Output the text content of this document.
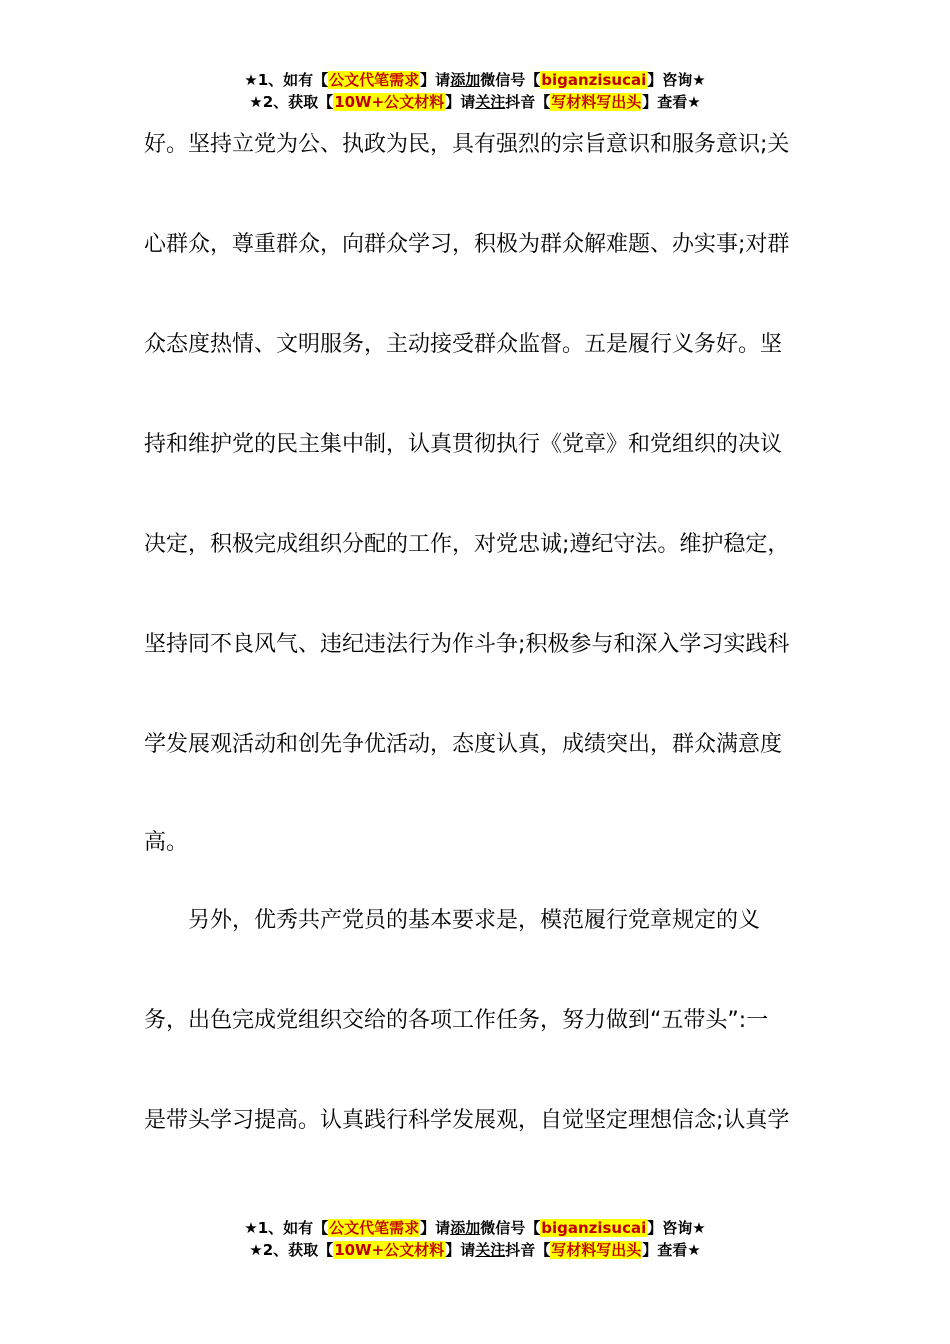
★1、如有【公文代笔需求】请添加微信号【biganzisucai】咨询★
★2、获取【10W+公文材料】请关注抖音【写材料写出头】查看★
好。坚持立党为公、执政为民，具有强烈的宗旨意识和服务意识;关
心群众，尊重群众，向群众学习，积极为群众解难题、办实事;对群
众态度热情、文明服务，主动接受群众监督。五是履行义务好。坚
持和维护党的民主集中制，认真贯彻执行《党章》和党组织的决议
决定，积极完成组织分配的工作，对党忠诚;遵纪守法。维护稳定，
坚持同不良风气、违纪违法行为作斗争;积极参与和深入学习实践科
学发展观活动和创先争优活动，态度认真，成绩突出，群众满意度
高。
　　另外，优秀共产党员的基本要求是，模范履行党章规定的义
务，出色完成党组织交给的各项工作任务，努力做到“五带头”:一
是带头学习提高。认真践行科学发展观，自觉坚定理想信念;认真学
★1、如有【公文代笔需求】请添加微信号【biganzisucai】咨询★
★2、获取【10W+公文材料】请关注抖音【写材料写出头】查看★
